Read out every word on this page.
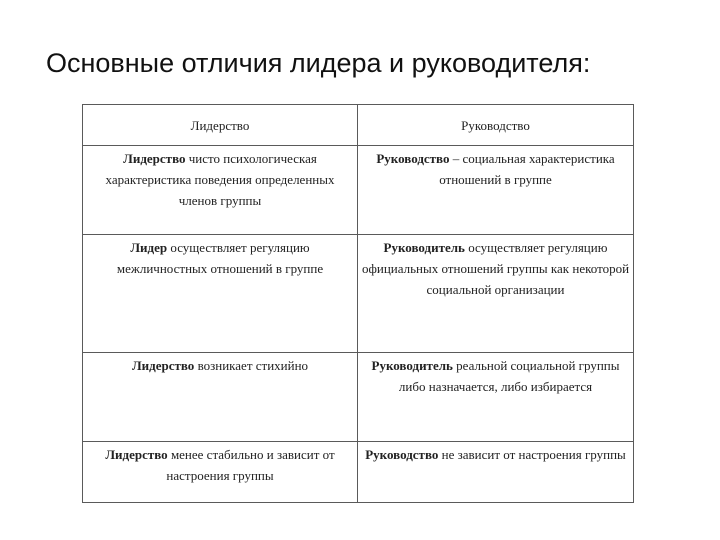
Основные отличия лидера и руководителя:
Лидерство	Руководство
Лидерство чисто психологическая характеристика поведения определенных членов группы	Руководство – социальная характеристика отношений в группе
Лидер осуществляет регуляцию межличностных отношений в группе	Руководитель осуществляет регуляцию официальных отношений группы как некоторой социальной организации
Лидерство возникает стихийно	Руководитель реальной социальной группы либо назначается, либо избирается
Лидерство менее стабильно и зависит от настроения группы	Руководство не зависит от настроения группы
